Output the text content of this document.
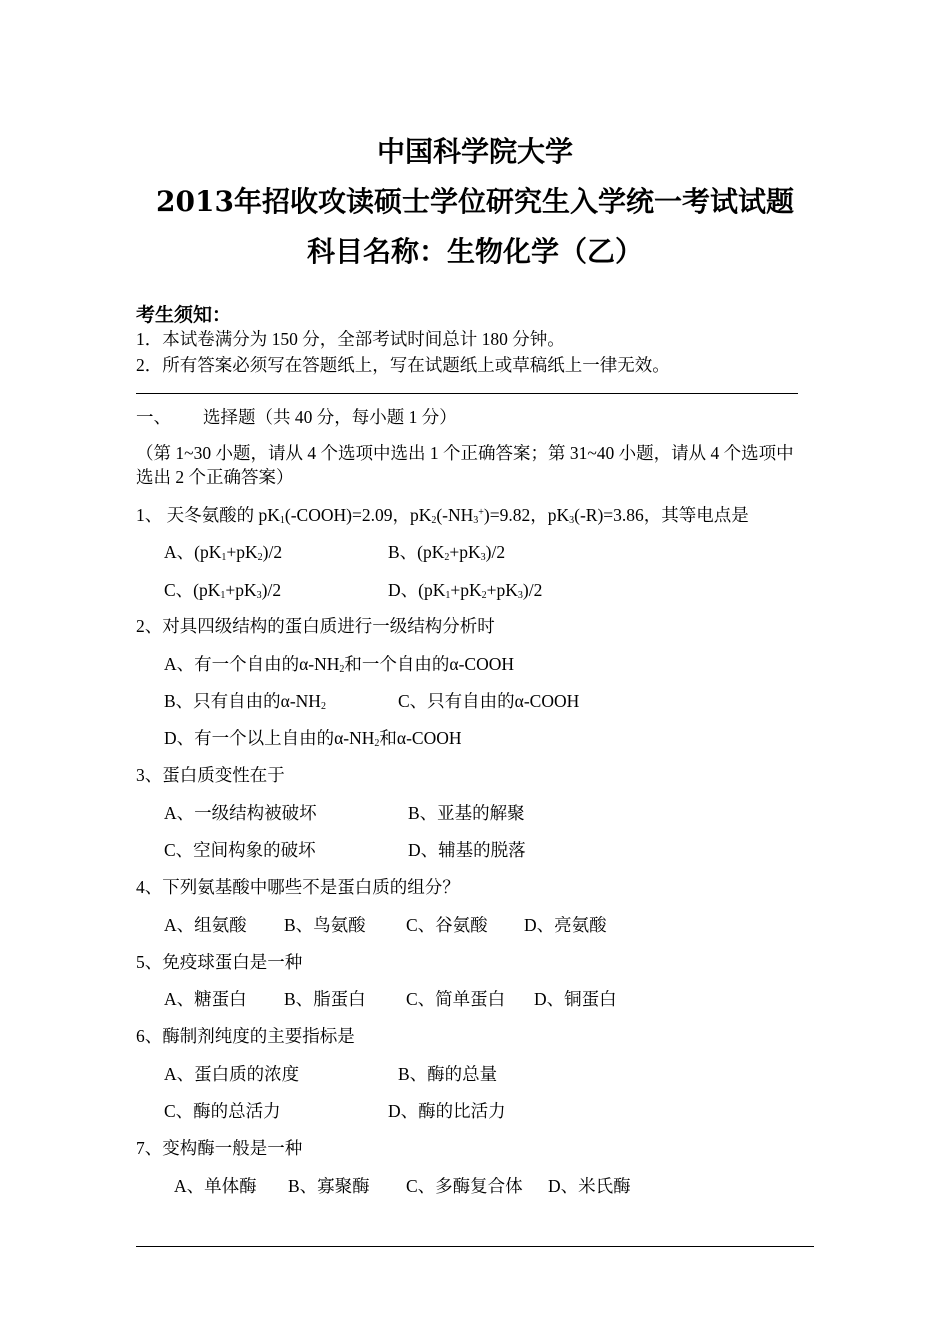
中国科学院大学
2013年招收攻读硕士学位研究生入学统一考试试题
科目名称：生物化学（乙）
考生须知：
1．本试卷满分为 150 分，全部考试时间总计 180 分钟。
2．所有答案必须写在答题纸上，写在试题纸上或草稿纸上一律无效。
一、 选择题（共 40 分，每小题 1 分）
（第 1~30 小题，请从 4 个选项中选出 1 个正确答案；第 31~40 小题，请从 4 个选项中
选出 2 个正确答案）
1、 天冬氨酸的 $pK_1(-COOH)=2.09$，$pK_2(-NH_3^+)=9.82$，$pK_3(-R)=3.86$，其等电点是
A、$(pK_1+pK_2)/2$	B、$(pK_2+pK_3)/2$
C、$(pK_1+pK_3)/2$	D、$(pK_1+pK_2+pK_3)/2$
2、对具四级结构的蛋白质进行一级结构分析时
A、有一个自由的$\alpha-NH_2$和一个自由的α-COOH
B、只有自由的$\alpha-NH_2$	C、只有自由的α-COOH
D、有一个以上自由的$\alpha-NH_2$和α-COOH
3、蛋白质变性在于
A、一级结构被破坏	B、亚基的解聚
C、空间构象的破坏	D、辅基的脱落
4、下列氨基酸中哪些不是蛋白质的组分？
A、组氨酸 B、鸟氨酸 C、谷氨酸 D、亮氨酸
5、免疫球蛋白是一种
A、糖蛋白 B、脂蛋白 C、简单蛋白 D、铜蛋白
6、酶制剂纯度的主要指标是
A、蛋白质的浓度	B、酶的总量
C、酶的总活力	D、酶的比活力
7、变构酶一般是一种
A、单体酶 B、寡聚酶 C、多酶复合体 D、米氏酶
